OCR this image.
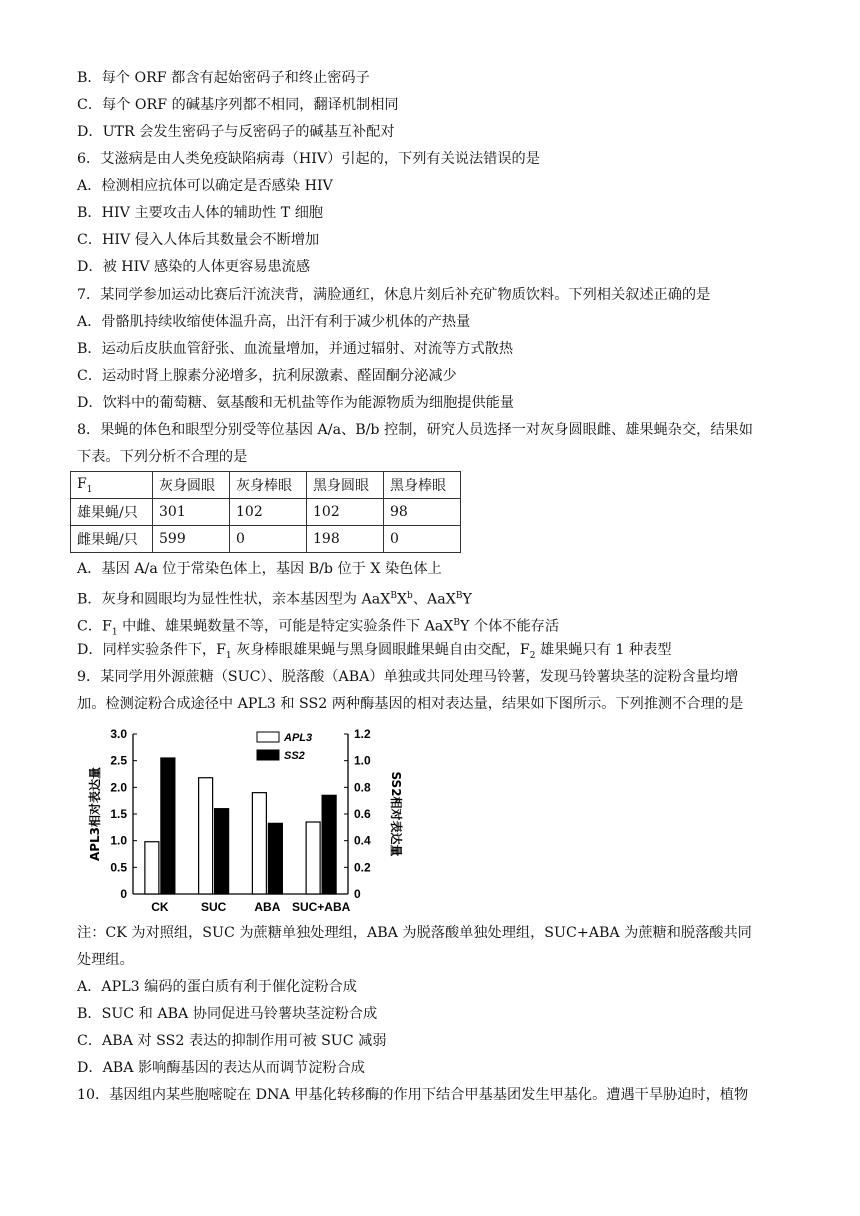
B．每个 ORF 都含有起始密码子和终止密码子
C．每个 ORF 的碱基序列都不相同，翻译机制相同
D．UTR 会发生密码子与反密码子的碱基互补配对
6．艾滋病是由人类免疫缺陷病毒（HIV）引起的，下列有关说法错误的是
A．检测相应抗体可以确定是否感染 HIV
B．HIV 主要攻击人体的辅助性 T 细胞
C．HIV 侵入人体后其数量会不断增加
D．被 HIV 感染的人体更容易患流感
7．某同学参加运动比赛后汗流浃背，满脸通红，休息片刻后补充矿物质饮料。下列相关叙述正确的是
A．骨骼肌持续收缩使体温升高，出汗有利于减少机体的产热量
B．运动后皮肤血管舒张、血流量增加，并通过辐射、对流等方式散热
C．运动时肾上腺素分泌增多，抗利尿激素、醛固酮分泌减少
D．饮料中的葡萄糖、氨基酸和无机盐等作为能源物质为细胞提供能量
8．果蝇的体色和眼型分别受等位基因 A/a、B/b 控制，研究人员选择一对灰身圆眼雌、雄果蝇杂交，结果如
下表。下列分析不合理的是
$F_1$	灰身圆眼	灰身棒眼	黑身圆眼	黑身棒眼
雄果蝇/只	301	102	102	98
雌果蝇/只	599	0	198	0
A．基因 A/a 位于常染色体上，基因 B/b 位于 X 染色体上
B．灰身和圆眼均为显性性状，亲本基因型为 $AaX^BX^b$、AaX$^B$Y
C．$F_1$ 中雌、雄果蝇数量不等，可能是特定实验条件下 AaX$^B$Y 个体不能存活
D．同样实验条件下，$F_1$ 灰身棒眼雄果蝇与黑身圆眼雌果蝇自由交配，$F_2$ 雄果蝇只有 1 种表型
9．某同学用外源蔗糖（SUC）、脱落酸（ABA）单独或共同处理马铃薯，发现马铃薯块茎的淀粉含量均增
加。检测淀粉合成途径中 APL3 和 SS2 两种酶基因的相对表达量，结果如下图所示。下列推测不合理的是
0
0.5
1.0
1.5
2.0
2.5
3.0
0
0.2
0.4
0.6
0.8
1.0
1.2
CK	SUC ABA SUC+ABA
APL3
SS2
APL3相对表达量	SS2相对表达量
注：CK 为对照组，SUC 为蔗糖单独处理组，ABA 为脱落酸单独处理组，SUC+ABA 为蔗糖和脱落酸共同
处理组。
A．APL3 编码的蛋白质有利于催化淀粉合成
B．SUC 和 ABA 协同促进马铃薯块茎淀粉合成
C．ABA 对 SS2 表达的抑制作用可被 SUC 减弱
D．ABA 影响酶基因的表达从而调节淀粉合成
10．基因组内某些胞嘧啶在 DNA 甲基化转移酶的作用下结合甲基基团发生甲基化。遭遇干旱胁迫时，植物
